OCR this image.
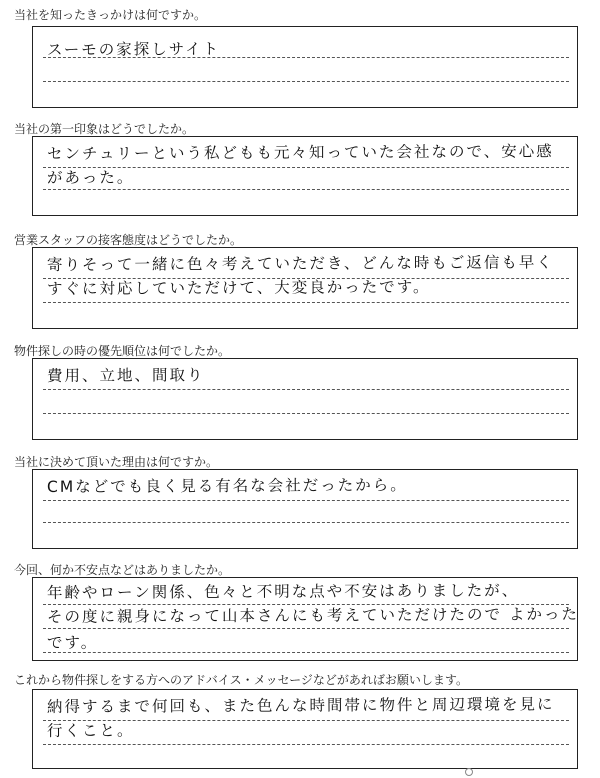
当社を知ったきっかけは何ですか。
スーモの家探しサイト
当社の第一印象はどうでしたか。
センチュリーという私どもも元々知っていた会社なので、安心感
があった。
営業スタッフの接客態度はどうでしたか。
寄りそって一緒に色々考えていただき、どんな時もご返信も早く
すぐに対応していただけて、大変良かったです。
物件探しの時の優先順位は何でしたか。
費用、立地、間取り
当社に決めて頂いた理由は何ですか。
CMなどでも良く見る有名な会社だったから。
今回、何か不安点などはありましたか。
年齢やローン関係、色々と不明な点や不安はありましたが、
その度に親身になって山本さんにも考えていただけたので よかった
です。
これから物件探しをする方へのアドバイス・メッセージなどがあればお願いします。
納得するまで何回も、また色んな時間帯に物件と周辺環境を見に
行くこと。
